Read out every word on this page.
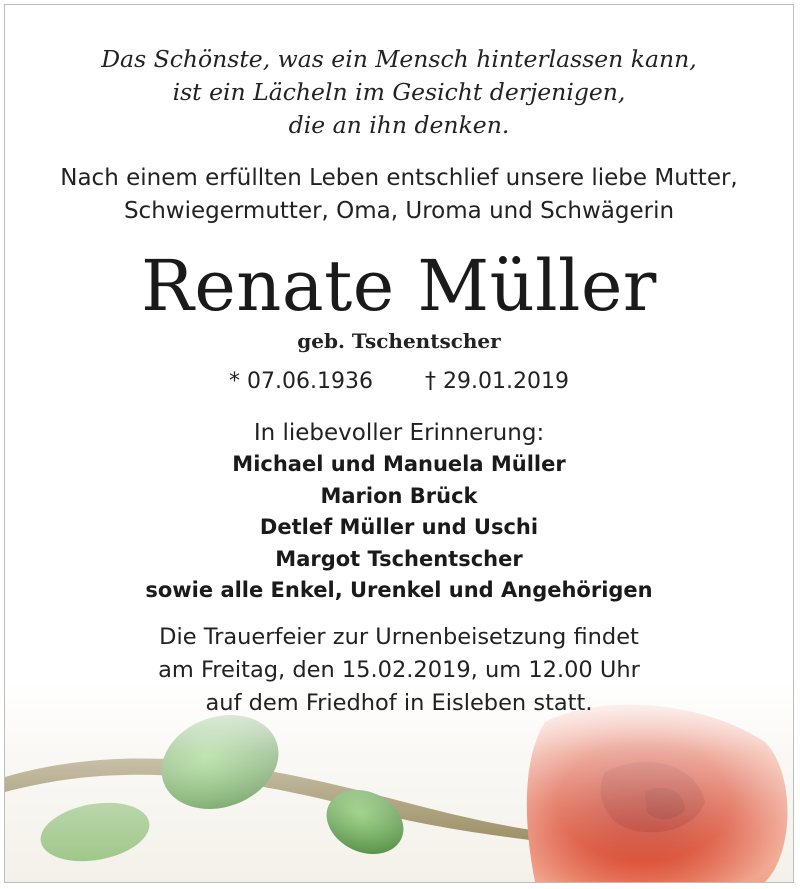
Das Schönste, was ein Mensch hinterlassen kann,
ist ein Lächeln im Gesicht derjenigen,
die an ihn denken.
Nach einem erfüllten Leben entschlief unsere liebe Mutter,
Schwiegermutter, Oma, Uroma und Schwägerin
Renate Müller
geb. Tschentscher
* 07.06.1936 † 29.01.2019
In liebevoller Erinnerung:
Michael und Manuela Müller
Marion Brück
Detlef Müller und Uschi
Margot Tschentscher
sowie alle Enkel, Urenkel und Angehörigen
Die Trauerfeier zur Urnenbeisetzung findet
am Freitag, den 15.02.2019, um 12.00 Uhr
auf dem Friedhof in Eisleben statt.
